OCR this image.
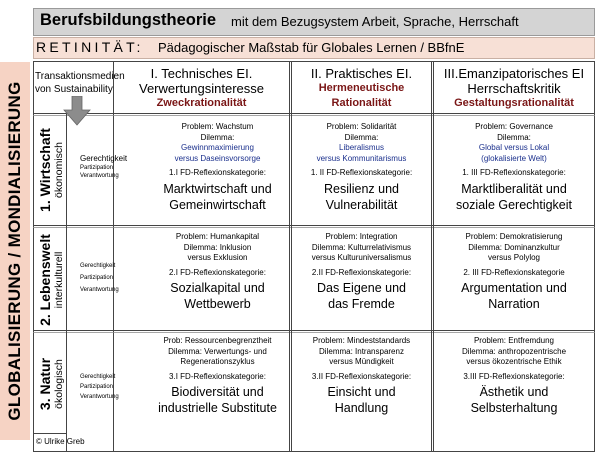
Berufsbildungstheorie mit dem Bezugsystem Arbeit, Sprache, Herrschaft
RETINITÄT: Pädagogischer Maßstab für Globales Lernen / BBfnE
GLOBALISIERUNG / MONDIALISIERUNG
Transaktionsmedien
von Sustainability
I. Technisches EI.
Verwertungsinteresse
Zweckrationalität
II. Praktisches EI.
Hermeneutische
Rationalität
III.Emanzipatorisches EI
Herrschaftskritik
Gestaltungsrationalität
1. Wirtschaft ökonomisch
2. Lebenswelt interkulturell
3. Natur ökologisch
Gerechtigkeit
Partizipation
Verantwortung
Gerechtigkeit
Partizipation
Verantwortung
Gerechtigkeit
Partizipation
Verantwortung
Problem: Wachstum
Dilemma:
Gewinnmaximierung
versus Daseinsvorsorge
1.I FD-Reflexionskategorie:
Marktwirtschaft und
Gemeinwirtschaft
Problem: Solidarität
Dilemma:
Liberalismus
versus Kommunitarismus
1. II FD-Reflexionskategorie:
Resilienz und
Vulnerabilität
Problem: Governance
Dilemma:
Global versus Lokal
(glokalisierte Welt)
1. III FD-Reflexionskategorie:
Marktliberalität und
soziale Gerechtigkeit
Problem: Humankapital
Dilemma: Inklusion
versus Exklusion
2.I FD-Reflexionskategorie:
Sozialkapital und
Wettbewerb
Problem: Integration
Dilemma: Kulturrelativismus
versus Kulturuniversalismus
2.II FD-Reflexionskategorie:
Das Eigene und
das Fremde
Problem: Demokratisierung
Dilemma: Dominanzkultur
versus Polylog
2. III FD-Reflexionskategorie
Argumentation und
Narration
Prob: Ressourcenbegrenztheit
Dilemma: Verwertungs- und
Regenerationszyklus
3.I FD-Reflexionskategorie:
Biodiversität und
industrielle Substitute
Problem: Mindeststandards
Dilemma: Intransparenz
versus Mündigkeit
3.II FD-Reflexionskategorie:
Einsicht und
Handlung
Problem: Entfremdung
Dilemma: anthropozentrische
versus ökozentrische Ethik
3.III FD-Reflexionskategorie:
Ästhetik und
Selbsterhaltung
© Ulrike Greb
